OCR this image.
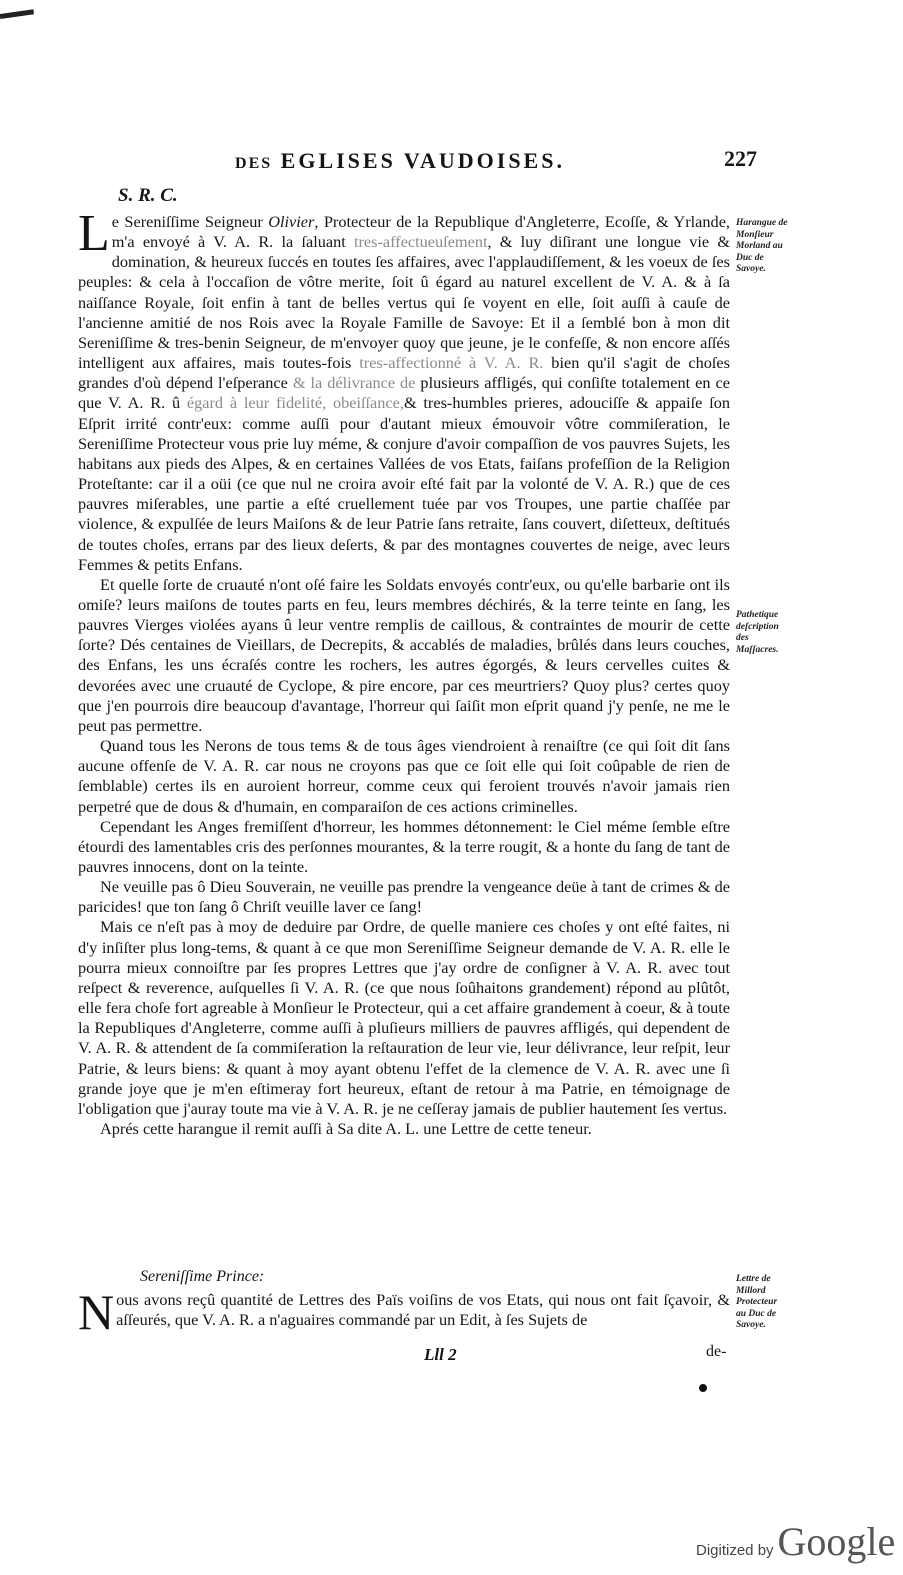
DES EGLISES VAUDOISES.	227
S. R. C.

Le Sereniſſime Seigneur Olivier, Protecteur de la Republique d'Angleterre, Ecoſſe, & Yrlande, m'a envoyé à V. A. R. la ſaluant tres-affectueuſement, & luy diſirant une longue vie & domination, & heureux ſuccés en toutes ſes affaires, avec l'applaudiſſement, & les voeux de ſes peuples: & cela à l'occaſion de vôtre merite, ſoit û égard au naturel excellent de V. A. & à ſa naiſſance Royale, ſoit enfin à tant de belles vertus qui ſe voyent en elle, ſoit auſſi à cauſe de l'ancienne amitié de nos Rois avec la Royale Famille de Savoye: Et il a ſemblé bon à mon dit Sereniſſime & tres-benin Seigneur, de m'envoyer quoy que jeune, je le confeſſe, & non encore aſſés intelligent aux affaires, mais toutes-fois tres-affectionné à V. A. R. bien qu'il s'agit de choſes grandes d'où dépend l'eſperance & la délivrance de plusieurs affligés, qui conſiſte totalement en ce que V. A. R. û égard à leur fidelité, obeiſſance,& tres-humbles prieres, adouciſſe & appaiſe ſon Eſprit irrité contr'eux: comme auſſi pour d'autant mieux émouvoir vôtre commiſeration, le Sereniſſime Protecteur vous prie luy méme, & conjure d'avoir compaſſion de vos pauvres Sujets, les habitans aux pieds des Alpes, & en certaines Vallées de vos Etats, faiſans profeſſion de la Religion Proteſtante: car il a oüi (ce que nul ne croira avoir eſté fait par la volonté de V. A. R.) que de ces pauvres miſerables, une partie a eſté cruellement tuée par vos Troupes, une partie chaſſée par violence, & expulſée de leurs Maiſons & de leur Patrie ſans retraite, ſans couvert, diſetteux, deſtitués de toutes choſes, errans par des lieux deſerts, & par des montagnes couvertes de neige, avec leurs Femmes & petits Enfans.

Et quelle ſorte de cruauté n'ont oſé faire les Soldats envoyés contr'eux, ou qu'elle barbarie ont ils omiſe? leurs maiſons de toutes parts en feu, leurs membres déchirés, & la terre teinte en ſang, les pauvres Vierges violées ayans û leur ventre remplis de caillous, & contraintes de mourir de cette ſorte? Dés centaines de Vieillars, de Decrepits, & accablés de maladies, brûlés dans leurs couches, des Enfans, les uns écraſés contre les rochers, les autres égorgés, & leurs cervelles cuites & devorées avec une cruauté de Cyclope, & pire encore, par ces meurtriers? Quoy plus? certes quoy que j'en pourrois dire beaucoup d'avantage, l'horreur qui ſaiſit mon eſprit quand j'y penſe, ne me le peut pas permettre.

Quand tous les Nerons de tous tems & de tous âges viendroient à renaiſtre (ce qui ſoit dit ſans aucune offenſe de V. A. R. car nous ne croyons pas que ce ſoit elle qui ſoit coûpable de rien de ſemblable) certes ils en auroient horreur, comme ceux qui feroient trouvés n'avoir jamais rien perpetré que de dous & d'humain, en comparaiſon de ces actions criminelles.

Cependant les Anges fremiſſent d'horreur, les hommes détonnement: le Ciel méme ſemble eſtre étourdi des lamentables cris des perſonnes mourantes, & la terre rougit, & a honte du ſang de tant de pauvres innocens, dont on la teinte.

Ne veuille pas ô Dieu Souverain, ne veuille pas prendre la vengeance deüe à tant de crimes & de paricides! que ton ſang ô Chriſt veuille laver ce ſang!

Mais ce n'eſt pas à moy de deduire par Ordre, de quelle maniere ces choſes y ont eſté faites, ni d'y inſiſter plus long-tems, & quant à ce que mon Sereniſſime Seigneur demande de V. A. R. elle le pourra mieux connoiſtre par ſes propres Lettres que j'ay ordre de conſigner à V. A. R. avec tout reſpect & reverence, auſquelles ſi V. A. R. (ce que nous ſoûhaitons grandement) répond au plûtôt, elle fera choſe fort agreable à Monſieur le Protecteur, qui a cet affaire grandement à coeur, & à toute la Republiques d'Angleterre, comme auſſi à pluſieurs milliers de pauvres affligés, qui dependent de V. A. R. & attendent de ſa commiſeration la reſtauration de leur vie, leur délivrance, leur reſpit, leur Patrie, & leurs biens: & quant à moy ayant obtenu l'effet de la clemence de V. A. R. avec une ſi grande joye que je m'en eſtimeray fort heureux, eſtant de retour à ma Patrie, en témoignage de l'obligation que j'auray toute ma vie à V. A. R. je ne ceſſeray jamais de publier hautement ſes vertus.

Aprés cette harangue il remit auſſi à Sa dite A. L. une Lettre de cette teneur.

Harangue de Monſieur Morland au Duc de Savoye.
Pathetique deſcription des Maſſacres.
Lettre de Millord Protecteur au Duc de Savoye.
Sereniſſime Prince:

Nous avons reçû quantité de Lettres des Païs voiſins de vos Etats, qui nous ont fait ſçavoir, & aſſeurés, que V. A. R. a n'aguaires commandé par un Edit, à ſes Sujets de

Lll 2	de-
Digitized by Google
